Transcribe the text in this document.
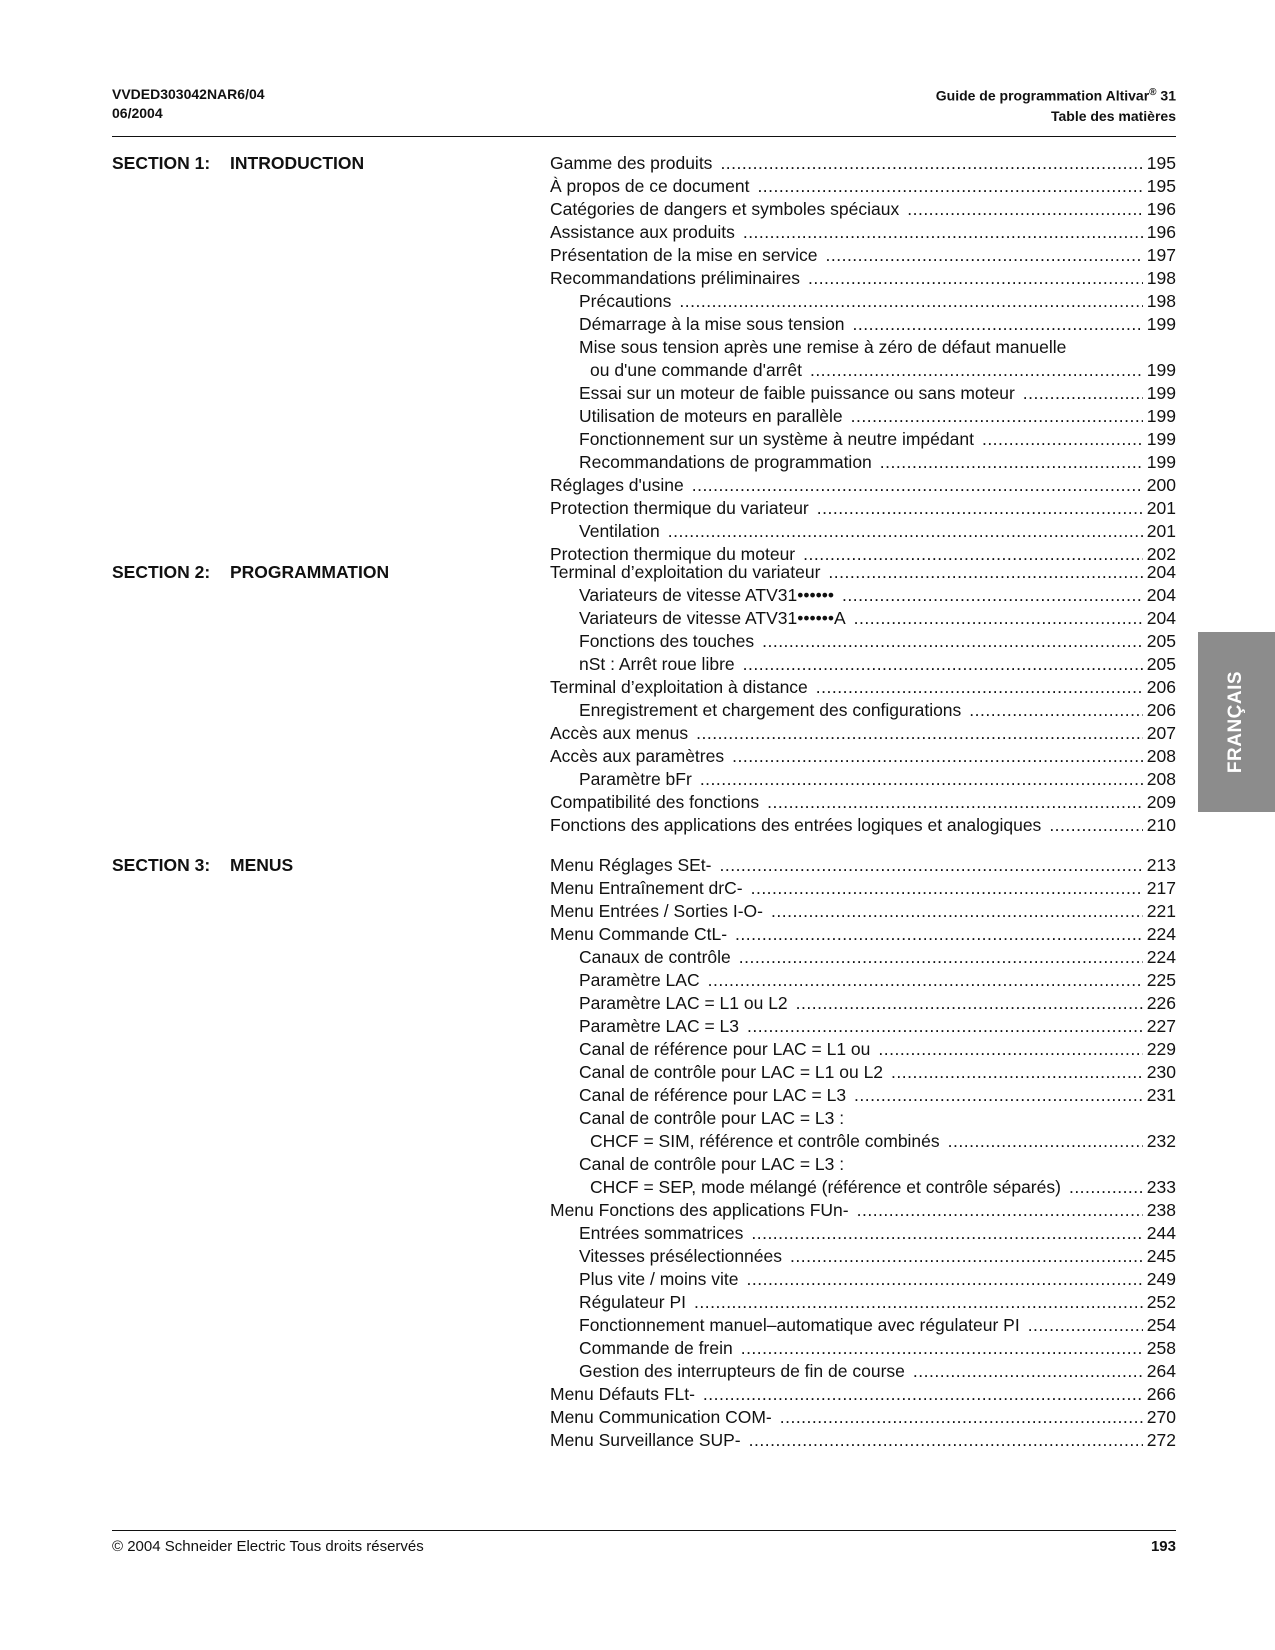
VVDED303042NAR6/04
06/2004
Guide de programmation Altivar® 31
Table des matières
SECTION 1: INTRODUCTION	Gamme des produits .....	195
À propos de ce document .....	195
Catégories de dangers et symboles spéciaux .....	196
Assistance aux produits .....	196
Présentation de la mise en service .....	197
Recommandations préliminaires .....	198
Précautions .....	198
Démarrage à la mise sous tension .....	199
Mise sous tension après une remise à zéro de défaut manuelle
ou d'une commande d'arrêt .....	199
Essai sur un moteur de faible puissance ou sans moteur .....	199
Utilisation de moteurs en parallèle .....	199
Fonctionnement sur un système à neutre impédant .....	199
Recommandations de programmation .....	199
Réglages d'usine .....	200
Protection thermique du variateur .....	201
Ventilation .....	201
Protection thermique du moteur .....	202
SECTION 2: PROGRAMMATION	Terminal d’exploitation du variateur .....	204
Variateurs de vitesse ATV31•••••• .....	204
Variateurs de vitesse ATV31••••••A .....	204
Fonctions des touches .....	205
nSt : Arrêt roue libre .....	205
Terminal d’exploitation à distance .....	206
Enregistrement et chargement des configurations .....	206
Accès aux menus .....	207
Accès aux paramètres .....	208
Paramètre bFr .....	208
Compatibilité des fonctions .....	209
Fonctions des applications des entrées logiques et analogiques .....	210
SECTION 3: MENUS	Menu Réglages SEt- .....	213
Menu Entraînement drC- .....	217
Menu Entrées / Sorties I-O- .....	221
Menu Commande CtL- .....	224
Canaux de contrôle .....	224
Paramètre LAC .....	225
Paramètre LAC = L1 ou L2 .....	226
Paramètre LAC = L3 .....	227
Canal de référence pour LAC = L1 ou .....	229
Canal de contrôle pour LAC = L1 ou L2 .....	230
Canal de référence pour LAC = L3 .....	231
Canal de contrôle pour LAC = L3 :
CHCF = SIM, référence et contrôle combinés .....	232
Canal de contrôle pour LAC = L3 :
CHCF = SEP, mode mélangé (référence et contrôle séparés) .....	233
Menu Fonctions des applications FUn- .....	238
Entrées sommatrices .....	244
Vitesses présélectionnées .....	245
Plus vite / moins vite .....	249
Régulateur PI .....	252
Fonctionnement manuel–automatique avec régulateur PI .....	254
Commande de frein .....	258
Gestion des interrupteurs de fin de course .....	264
Menu Défauts FLt- .....	266
Menu Communication COM- .....	270
Menu Surveillance SUP- .....	272
FRANÇAIS
© 2004 Schneider Electric Tous droits réservés	193
